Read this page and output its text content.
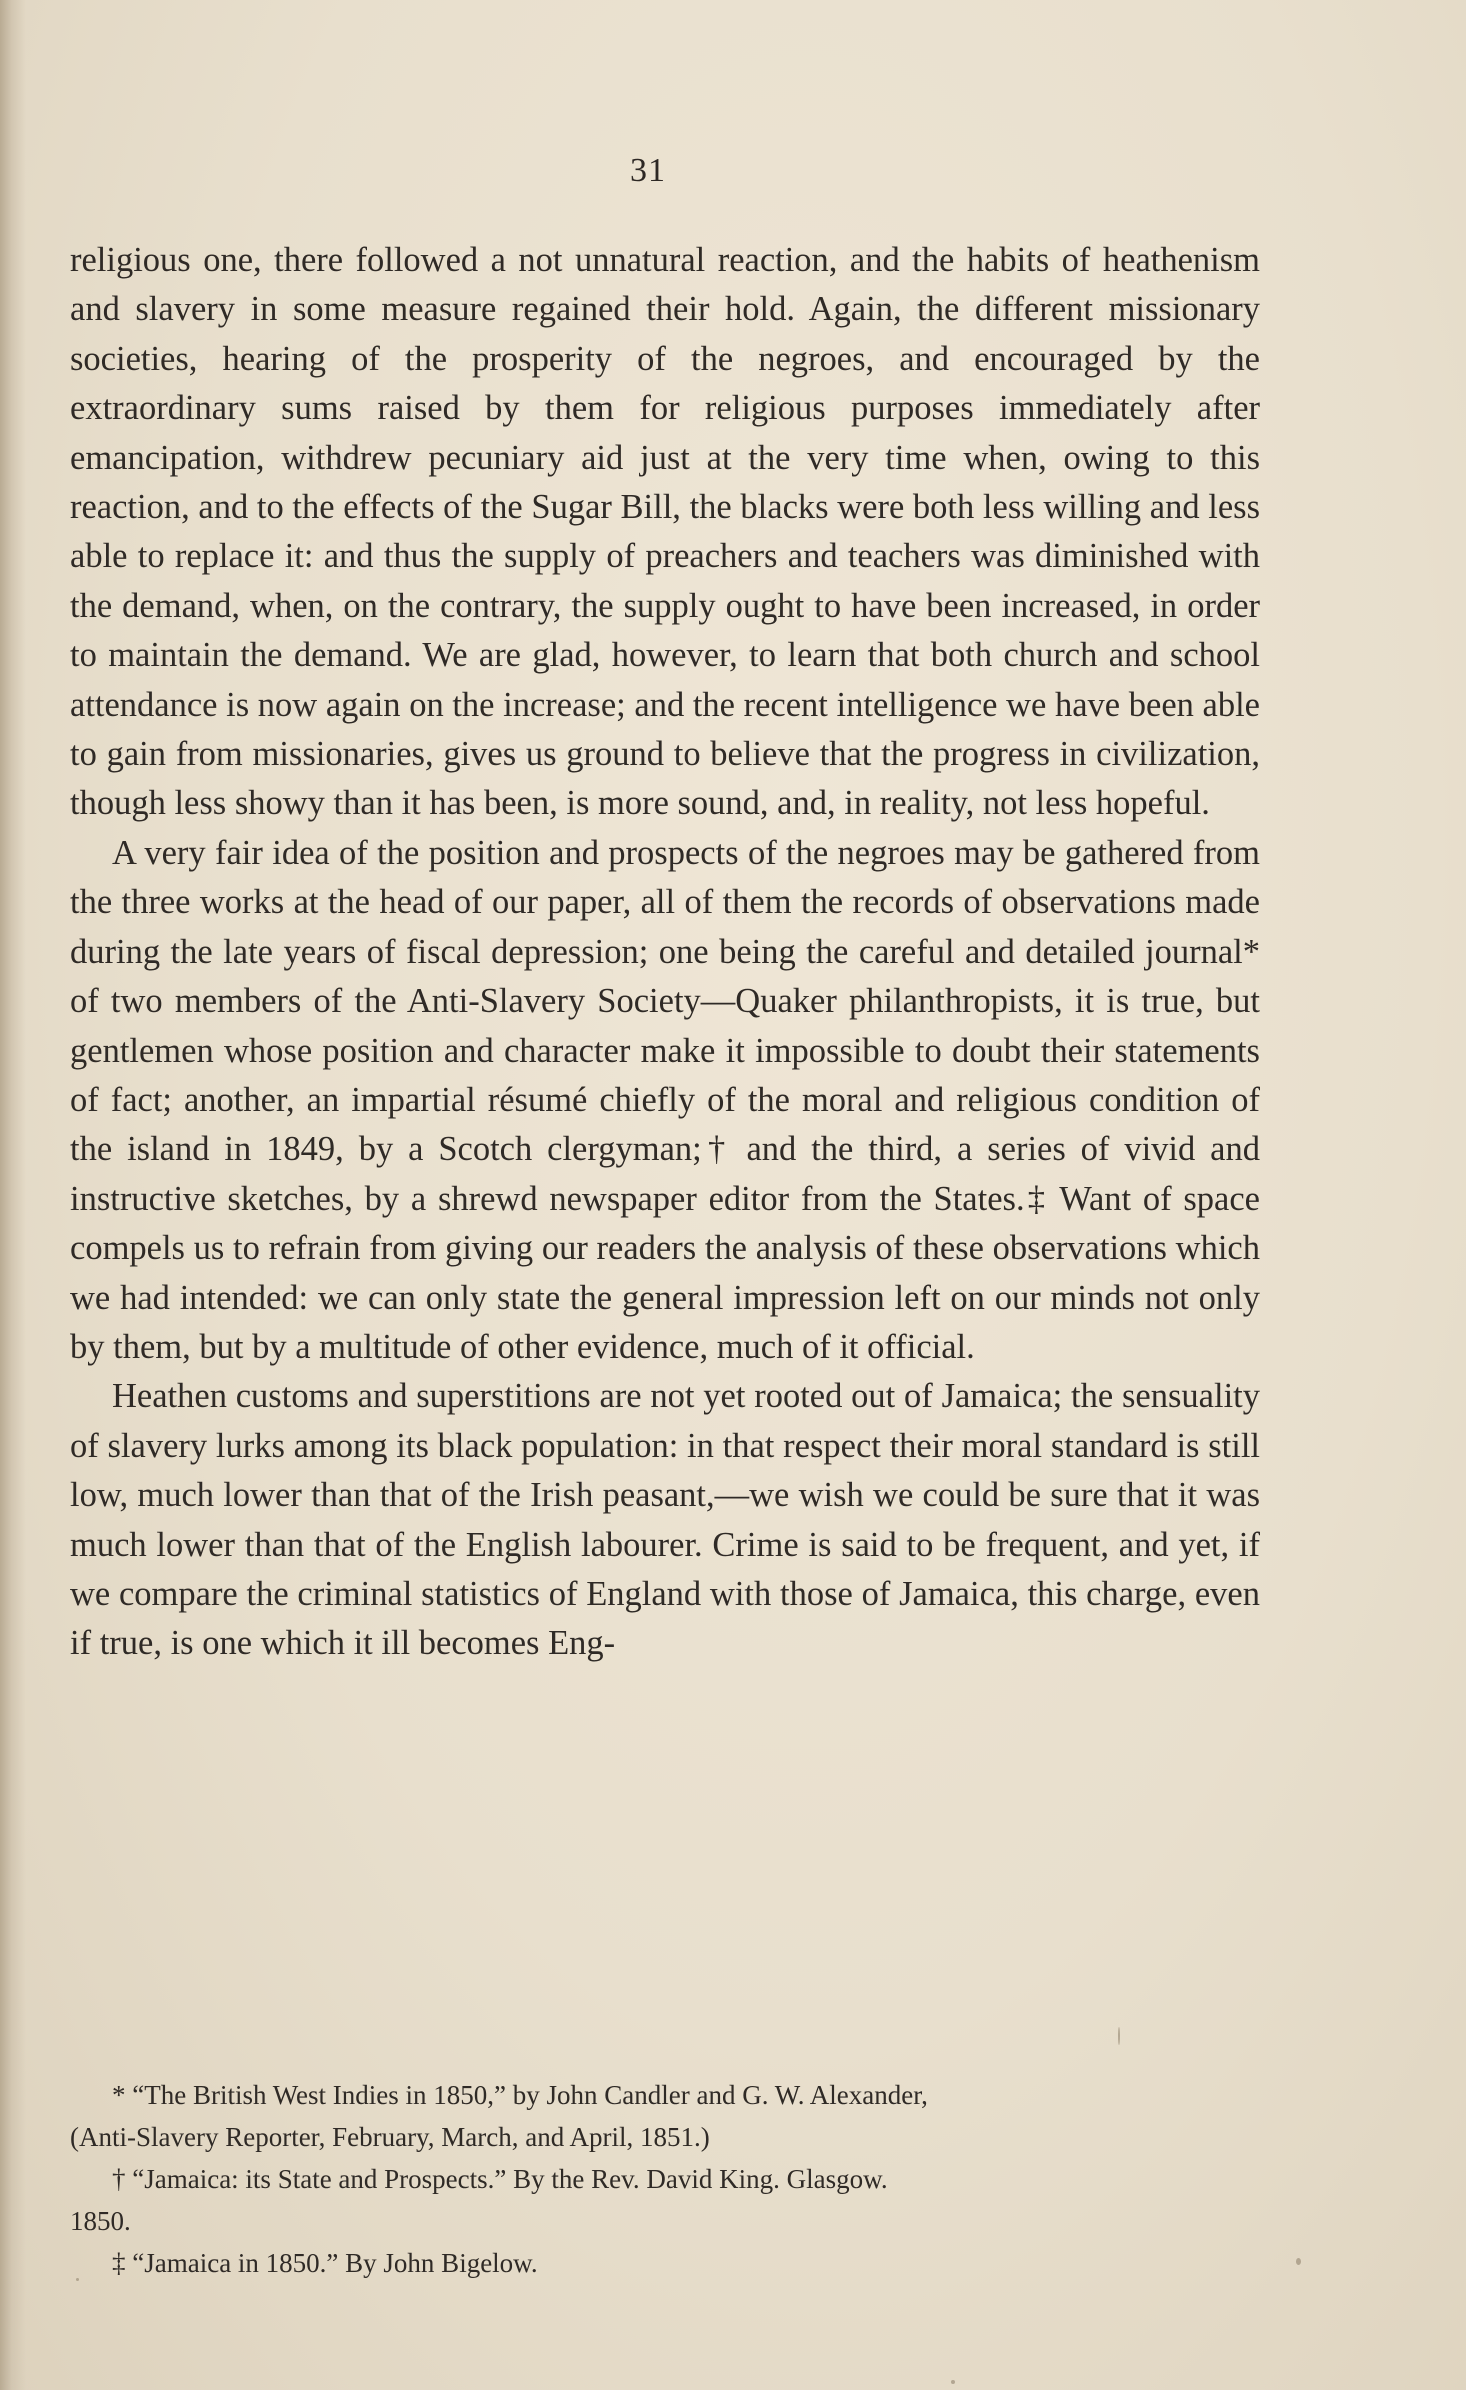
31

religious one, there followed a not unnatural reaction, and the habits of heathenism and slavery in some measure regained their hold. Again, the different missionary societies, hearing of the prosperity of the negroes, and encouraged by the extraordinary sums raised by them for religious purposes immediately after emancipation, withdrew pecuniary aid just at the very time when, owing to this reaction, and to the effects of the Sugar Bill, the blacks were both less willing and less able to replace it: and thus the supply of preachers and teachers was diminished with the demand, when, on the contrary, the supply ought to have been increased, in order to maintain the demand. We are glad, however, to learn that both church and school attendance is now again on the increase; and the recent intelligence we have been able to gain from missionaries, gives us ground to believe that the progress in civilization, though less showy than it has been, is more sound, and, in reality, not less hopeful.

A very fair idea of the position and prospects of the negroes may be gathered from the three works at the head of our paper, all of them the records of observations made during the late years of fiscal depression; one being the careful and detailed journal* of two members of the Anti-Slavery Society—Quaker philanthropists, it is true, but gentlemen whose position and character make it impossible to doubt their statements of fact; another, an impartial résumé chiefly of the moral and religious condition of the island in 1849, by a Scotch clergyman;† and the third, a series of vivid and instructive sketches, by a shrewd newspaper editor from the States.‡ Want of space compels us to refrain from giving our readers the analysis of these observations which we had intended: we can only state the general impression left on our minds not only by them, but by a multitude of other evidence, much of it official.

Heathen customs and superstitions are not yet rooted out of Jamaica; the sensuality of slavery lurks among its black population: in that respect their moral standard is still low, much lower than that of the Irish peasant,—we wish we could be sure that it was much lower than that of the English labourer. Crime is said to be frequent, and yet, if we compare the criminal statistics of England with those of Jamaica, this charge, even if true, is one which it ill becomes Eng-

* “The British West Indies in 1850,” by John Candler and G. W. Alexander,

(Anti-Slavery Reporter, February, March, and April, 1851.)

† “Jamaica: its State and Prospects.” By the Rev. David King. Glasgow.

1850.

‡ “Jamaica in 1850.” By John Bigelow.
